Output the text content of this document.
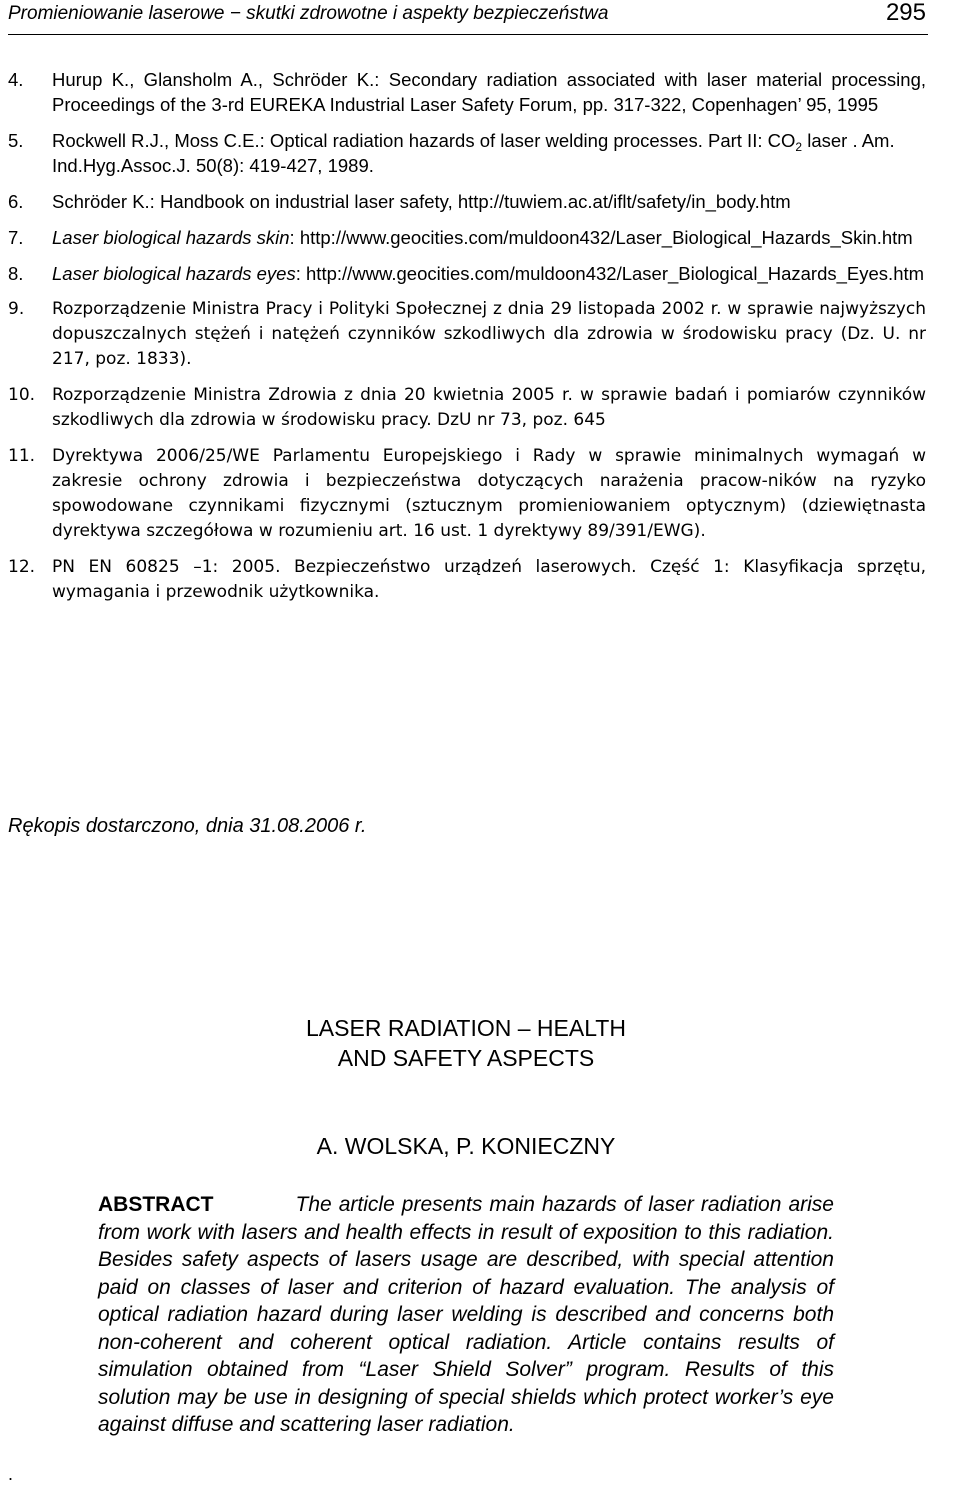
Promieniowanie laserowe − skutki zdrowotne i aspekty bezpieczeństwa	295
4.	Hurup K., Glansholm A., Schröder K.: Secondary radiation associated with laser material processing, Proceedings of the 3-rd EUREKA Industrial Laser Safety Forum, pp. 317-322, Copenhagen’ 95, 1995
5.	Rockwell R.J., Moss C.E.: Optical radiation hazards of laser welding processes. Part II: $CO_2$ laser . Am. Ind.Hyg.Assoc.J. 50(8): 419-427, 1989.
6.	Schröder K.: Handbook on industrial laser safety, http://tuwiem.ac.at/iflt/safety/in_body.htm
7.	Laser biological hazards skin: http://www.geocities.com/muldoon432/Laser_Biological_Hazards_Skin.htm
8.	Laser biological hazards eyes: http://www.geocities.com/muldoon432/Laser_Biological_Hazards_Eyes.htm
9.	Rozporządzenie Ministra Pracy i Polityki Społecznej z dnia 29 listopada 2002 r. w sprawie najwyższych dopuszczalnych stężeń i natężeń czynników szkodliwych dla zdrowia w środowisku pracy (Dz. U. nr 217, poz. 1833).
10. Rozporządzenie Ministra Zdrowia z dnia 20 kwietnia 2005 r. w sprawie badań i pomiarów czynników szkodliwych dla zdrowia w środowisku pracy. DzU nr 73, poz. 645
11. Dyrektywa 2006/25/WE Parlamentu Europejskiego i Rady w sprawie minimalnych wymagań w zakresie ochrony zdrowia i bezpieczeństwa dotyczących narażenia pracow-ników na ryzyko spowodowane czynnikami fizycznymi (sztucznym promieniowaniem optycznym) (dziewiętnasta dyrektywa szczegółowa w rozumieniu art. 16 ust. 1 dyrektywy 89/391/EWG).
12. PN EN 60825 –1: 2005. Bezpieczeństwo urządzeń laserowych. Część 1: Klasyfikacja sprzętu, wymagania i przewodnik użytkownika.
Rękopis dostarczono, dnia 31.08.2006 r.
LASER RADIATION – HEALTH
AND SAFETY ASPECTS
A. WOLSKA, P. KONIECZNY
ABSTRACT	The article presents main hazards of laser radiation arise from work with lasers and health effects in result of exposition to this radiation. Besides safety aspects of lasers usage are described, with special attention paid on classes of laser and criterion of hazard evaluation. The analysis of optical radiation hazard during laser welding is described and concerns both non-coherent and coherent optical radiation. Article contains results of simulation obtained from “Laser Shield Solver” program. Results of this solution may be use in designing of special shields which protect worker’s eye against diffuse and scattering laser radiation.
.
